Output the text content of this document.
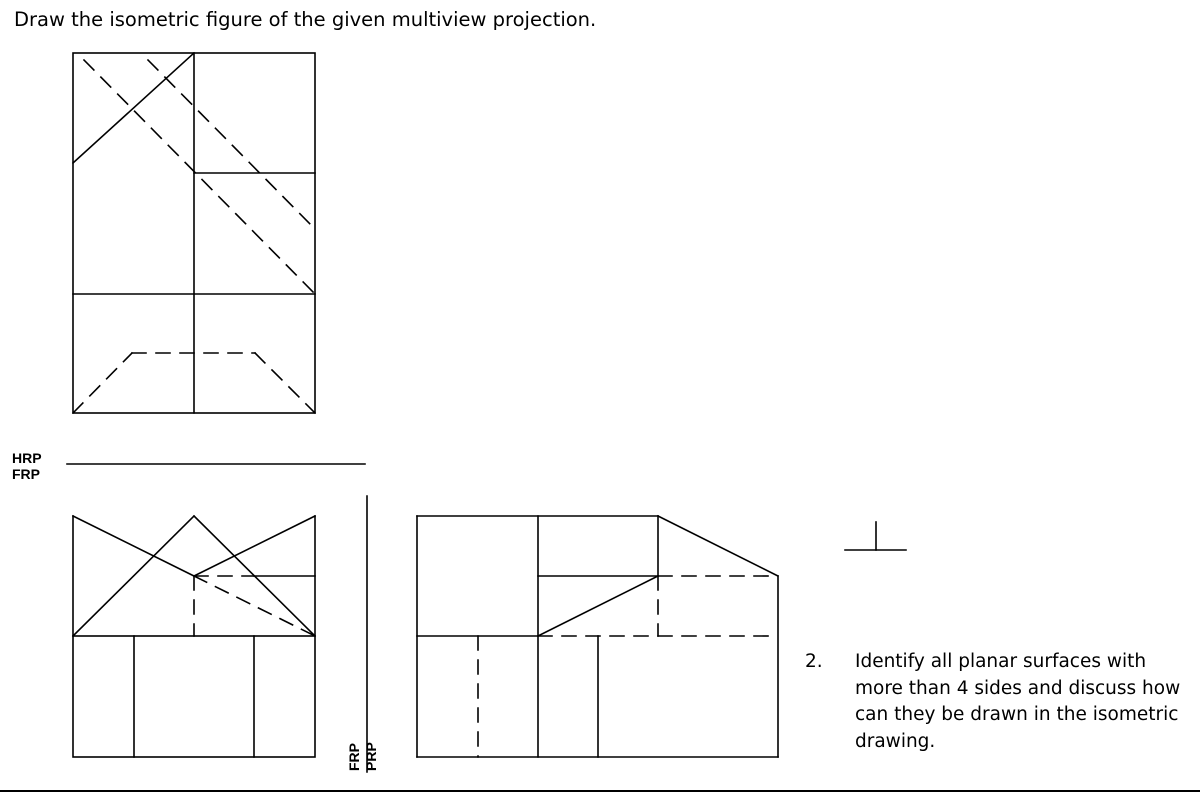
Draw the isometric figure of the given multiview projection.
HRP
FRP
FRP PRP
2. Identify all planar surfaces with more than 4 sides and discuss how can they be drawn in the isometric drawing.
